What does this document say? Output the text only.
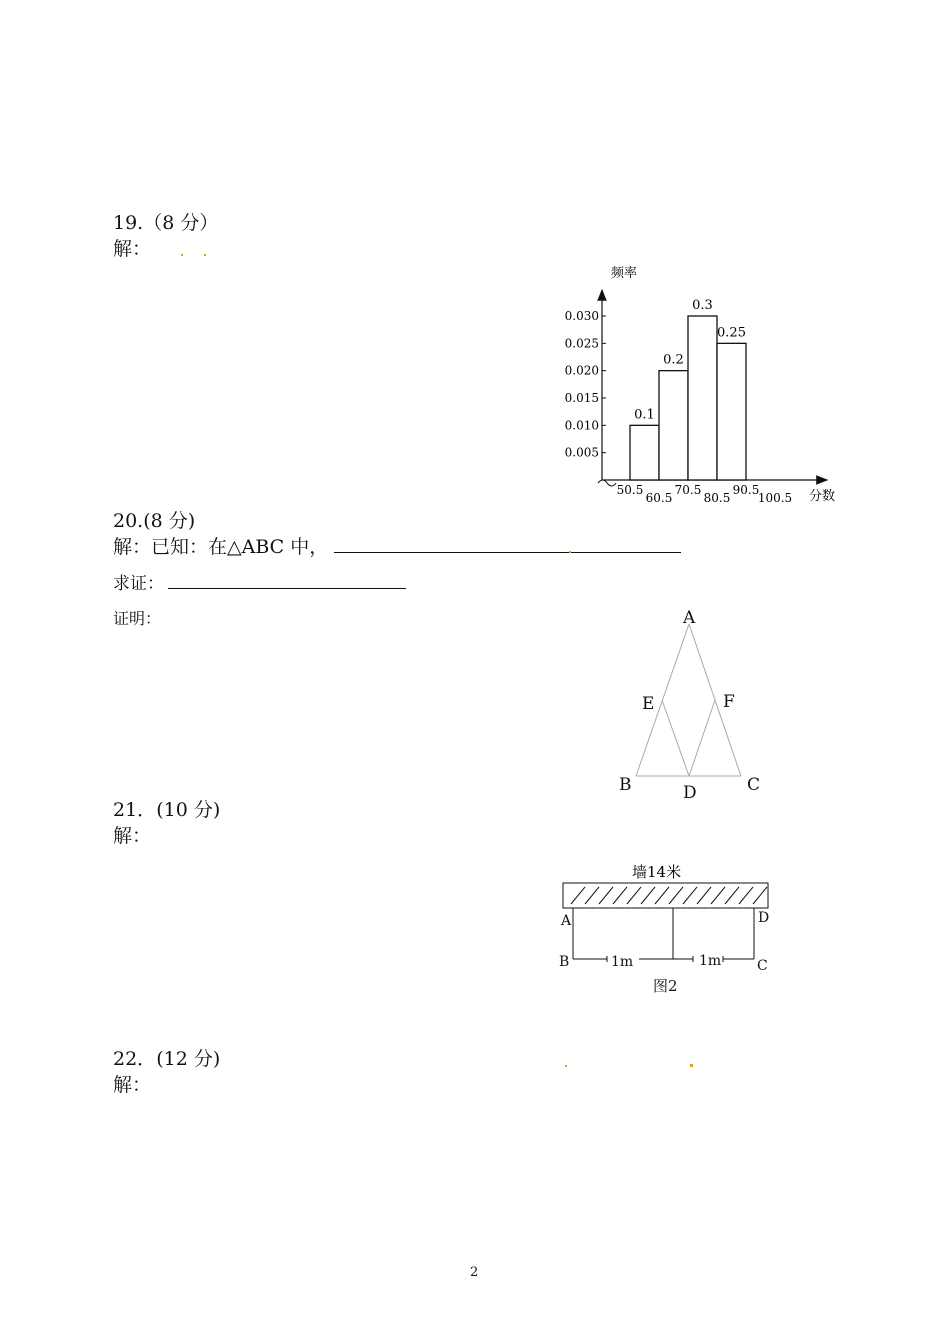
19.（8 分）
解：
频率
0.030
0.025
0.020
0.015
0.010
0.005
0.1
0.2
0.3
0.25
50.5	70.5	90.5
60.5	80.5 100.5 分数
20.(8 分)
解：已知：在△ABC 中，
求证：
证明：	A
E	F
B	D	C
21．(10 分)
解：
墙14米
A	D
B	C
1m	1m
图2
22．(12 分)
解：
2
